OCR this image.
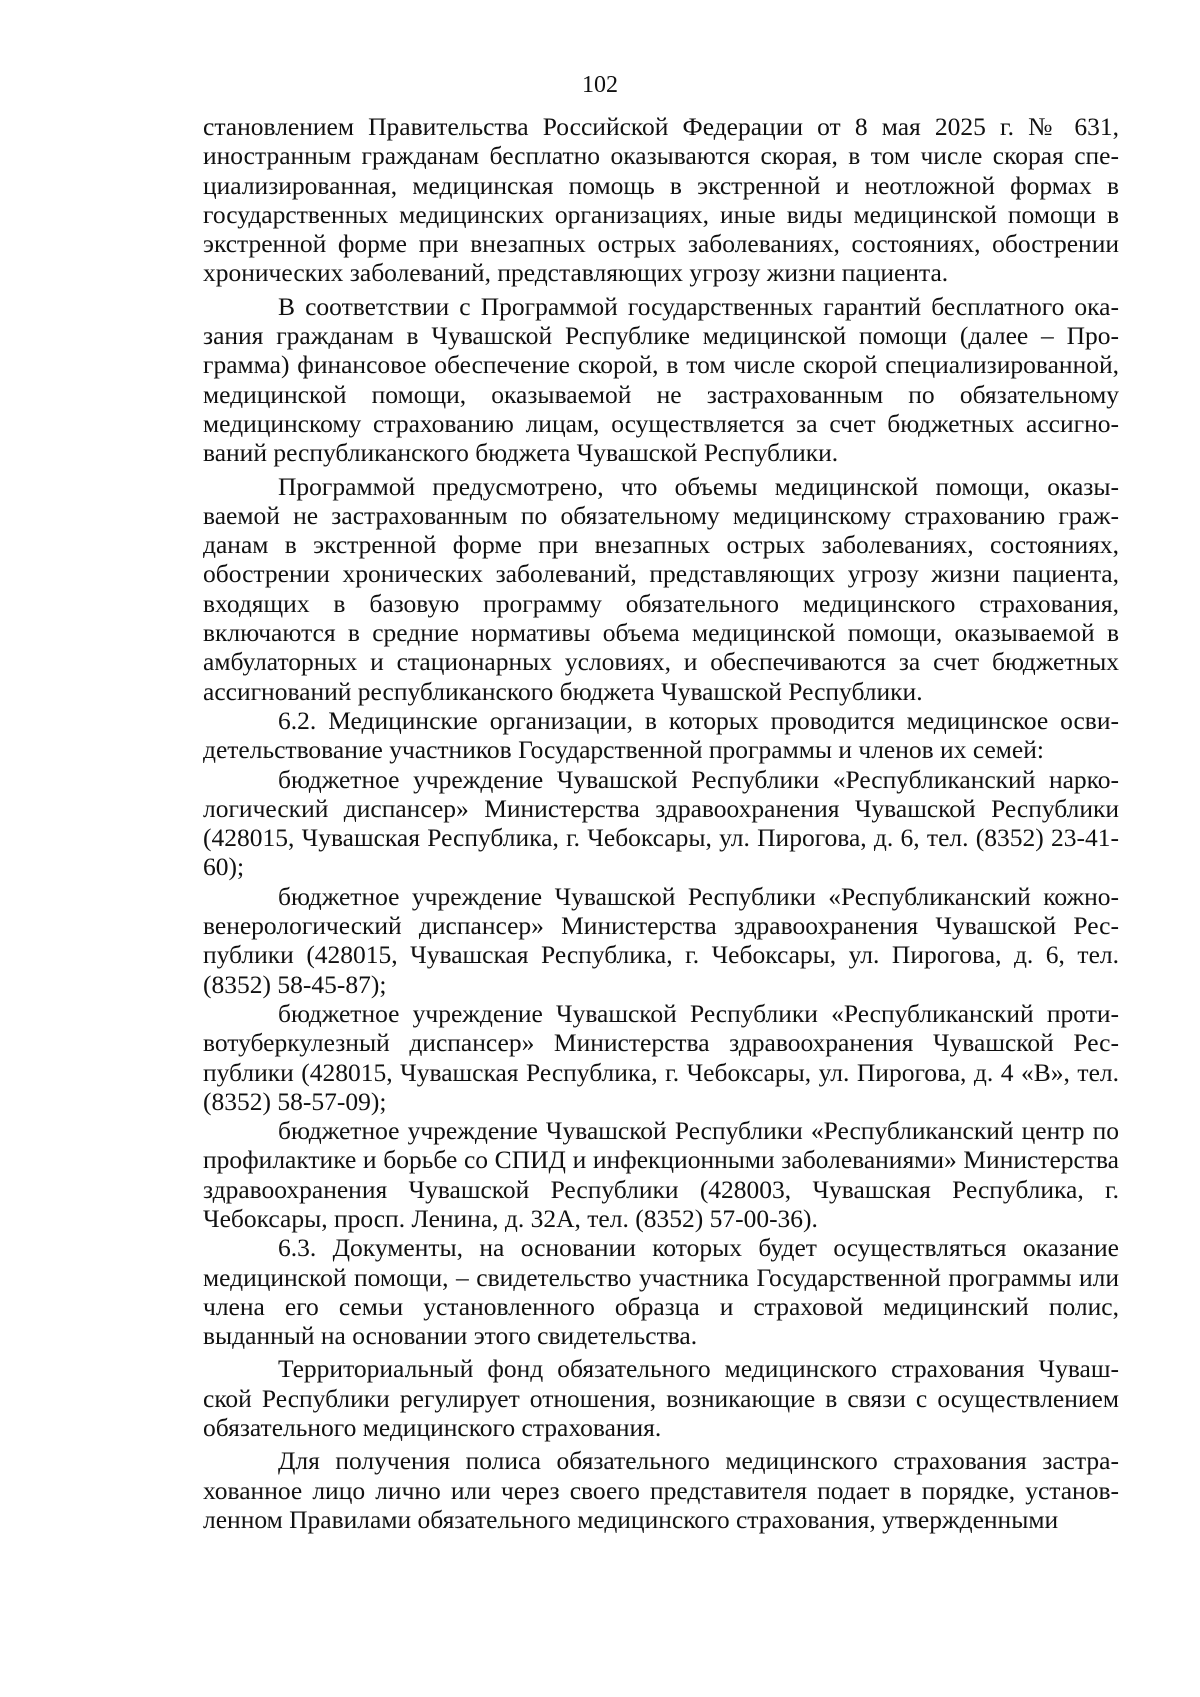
102

становлением Правительства Российской Федерации от 8 мая 2025 г. № 631, иностранным гражданам бесплатно оказываются скорая, в том числе скорая специализированная, медицинская помощь в экстренной и неотложной формах в государственных медицинских организациях, иные виды медицинской помощи в экстренной форме при внезапных острых заболеваниях, состояниях, обострении хронических заболеваний, представляющих угрозу жизни пациента.

В соответствии с Программой государственных гарантий бесплатного оказания гражданам в Чувашской Республике медицинской помощи (далее – Программа) финансовое обеспечение скорой, в том числе скорой специализированной, медицинской помощи, оказываемой не застрахованным по обязательному медицинскому страхованию лицам, осуществляется за счет бюджетных ассигнований республиканского бюджета Чувашской Республики.

Программой предусмотрено, что объемы медицинской помощи, оказываемой не застрахованным по обязательному медицинскому страхованию гражданам в экстренной форме при внезапных острых заболеваниях, состояниях, обострении хронических заболеваний, представляющих угрозу жизни пациента, входящих в базовую программу обязательного медицинского страхования, включаются в средние нормативы объема медицинской помощи, оказываемой в амбулаторных и стационарных условиях, и обеспечиваются за счет бюджетных ассигнований республиканского бюджета Чувашской Республики.

6.2. Медицинские организации, в которых проводится медицинское освидетельствование участников Государственной программы и членов их семей:

бюджетное учреждение Чувашской Республики «Республиканский наркологический диспансер» Министерства здравоохранения Чувашской Республики (428015, Чувашская Республика, г. Чебоксары, ул. Пирогова, д. 6, тел. (8352) 23-41-60);

бюджетное учреждение Чувашской Республики «Республиканский кожновенерологический диспансер» Министерства здравоохранения Чувашской Республики (428015, Чувашская Республика, г. Чебоксары, ул. Пирогова, д. 6, тел. (8352) 58-45-87);

бюджетное учреждение Чувашской Республики «Республиканский противотуберкулезный диспансер» Министерства здравоохранения Чувашской Республики (428015, Чувашская Республика, г. Чебоксары, ул. Пирогова, д. 4 «В», тел. (8352) 58-57-09);

бюджетное учреждение Чувашской Республики «Республиканский центр по профилактике и борьбе со СПИД и инфекционными заболеваниями» Министерства здравоохранения Чувашской Республики (428003, Чувашская Республика, г. Чебоксары, просп. Ленина, д. 32А, тел. (8352) 57-00-36).

6.3. Документы, на основании которых будет осуществляться оказание медицинской помощи, – свидетельство участника Государственной программы или члена его семьи установленного образца и страховой медицинский полис, выданный на основании этого свидетельства.

Территориальный фонд обязательного медицинского страхования Чувашской Республики регулирует отношения, возникающие в связи с осуществлением обязательного медицинского страхования.

Для получения полиса обязательного медицинского страхования застрахованное лицо лично или через своего представителя подает в порядке, установленном Правилами обязательного медицинского страхования, утвержденными
